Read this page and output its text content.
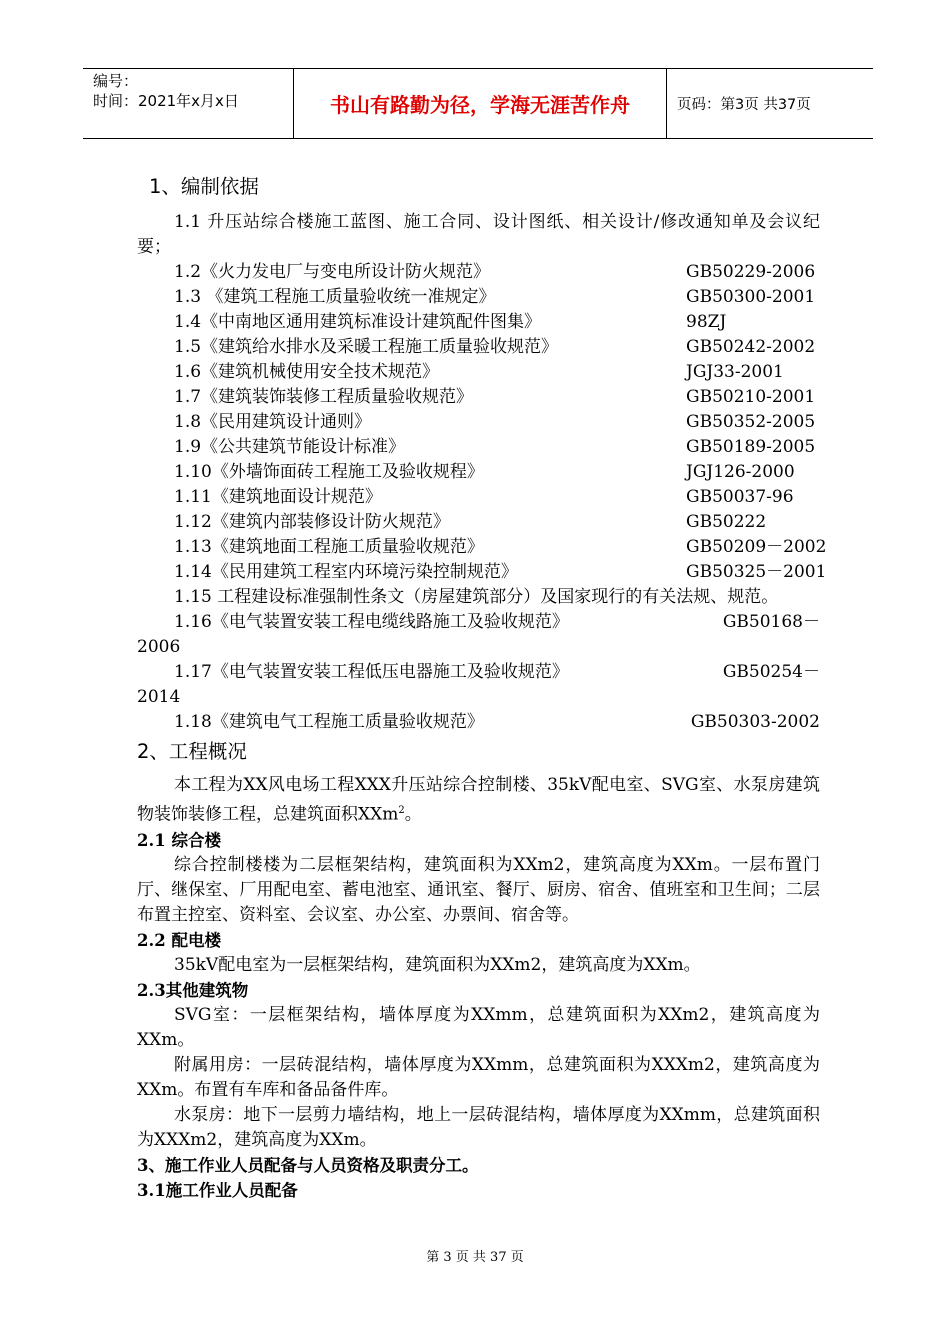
编号：
时间：2021年x月x日	书山有路勤为径，学海无涯苦作舟	页码：第3页 共37页
1、编制依据
1.1 升压站综合楼施工蓝图、施工合同、设计图纸、相关设计/修改通知单及会议纪要；
1.2《火力发电厂与变电所设计防火规范》	GB50229-2006
1.3 《建筑工程施工质量验收统一准规定》	GB50300-2001
1.4《中南地区通用建筑标准设计建筑配件图集》	98ZJ
1.5《建筑给水排水及采暖工程施工质量验收规范》	GB50242-2002
1.6《建筑机械使用安全技术规范》	JGJ33-2001
1.7《建筑装饰装修工程质量验收规范》	GB50210-2001
1.8《民用建筑设计通则》	GB50352-2005
1.9《公共建筑节能设计标准》	GB50189-2005
1.10《外墙饰面砖工程施工及验收规程》	JGJ126-2000
1.11《建筑地面设计规范》	GB50037-96
1.12《建筑内部装修设计防火规范》	GB50222
1.13《建筑地面工程施工质量验收规范》	GB50209－2002
1.14《民用建筑工程室内环境污染控制规范》	GB50325－2001
1.15 工程建设标准强制性条文（房屋建筑部分）及国家现行的有关法规、规范。
1.16《电气装置安装工程电缆线路施工及验收规范》	GB50168－
2006
1.17《电气装置安装工程低压电器施工及验收规范》	GB50254－
2014
1.18《建筑电气工程施工质量验收规范》	GB50303-2002
2、工程概况
本工程为XX风电场工程XXX升压站综合控制楼、35kV配电室、SVG室、水泵房建筑物装饰装修工程，总建筑面积XXm$^2$。
2.1 综合楼
综合控制楼楼为二层框架结构，建筑面积为XXm2，建筑高度为XXm。一层布置门厅、继保室、厂用配电室、蓄电池室、通讯室、餐厅、厨房、宿舍、值班室和卫生间；二层布置主控室、资料室、会议室、办公室、办票间、宿舍等。
2.2 配电楼
35kV配电室为一层框架结构，建筑面积为XXm2，建筑高度为XXm。
2.3其他建筑物
SVG室：一层框架结构，墙体厚度为XXmm，总建筑面积为XXm2，建筑高度为XXm。
附属用房：一层砖混结构，墙体厚度为XXmm，总建筑面积为XXXm2，建筑高度为XXm。布置有车库和备品备件库。
水泵房：地下一层剪力墙结构，地上一层砖混结构，墙体厚度为XXmm，总建筑面积为XXXm2，建筑高度为XXm。
3、施工作业人员配备与人员资格及职责分工。
3.1施工作业人员配备
第 3 页 共 37 页
